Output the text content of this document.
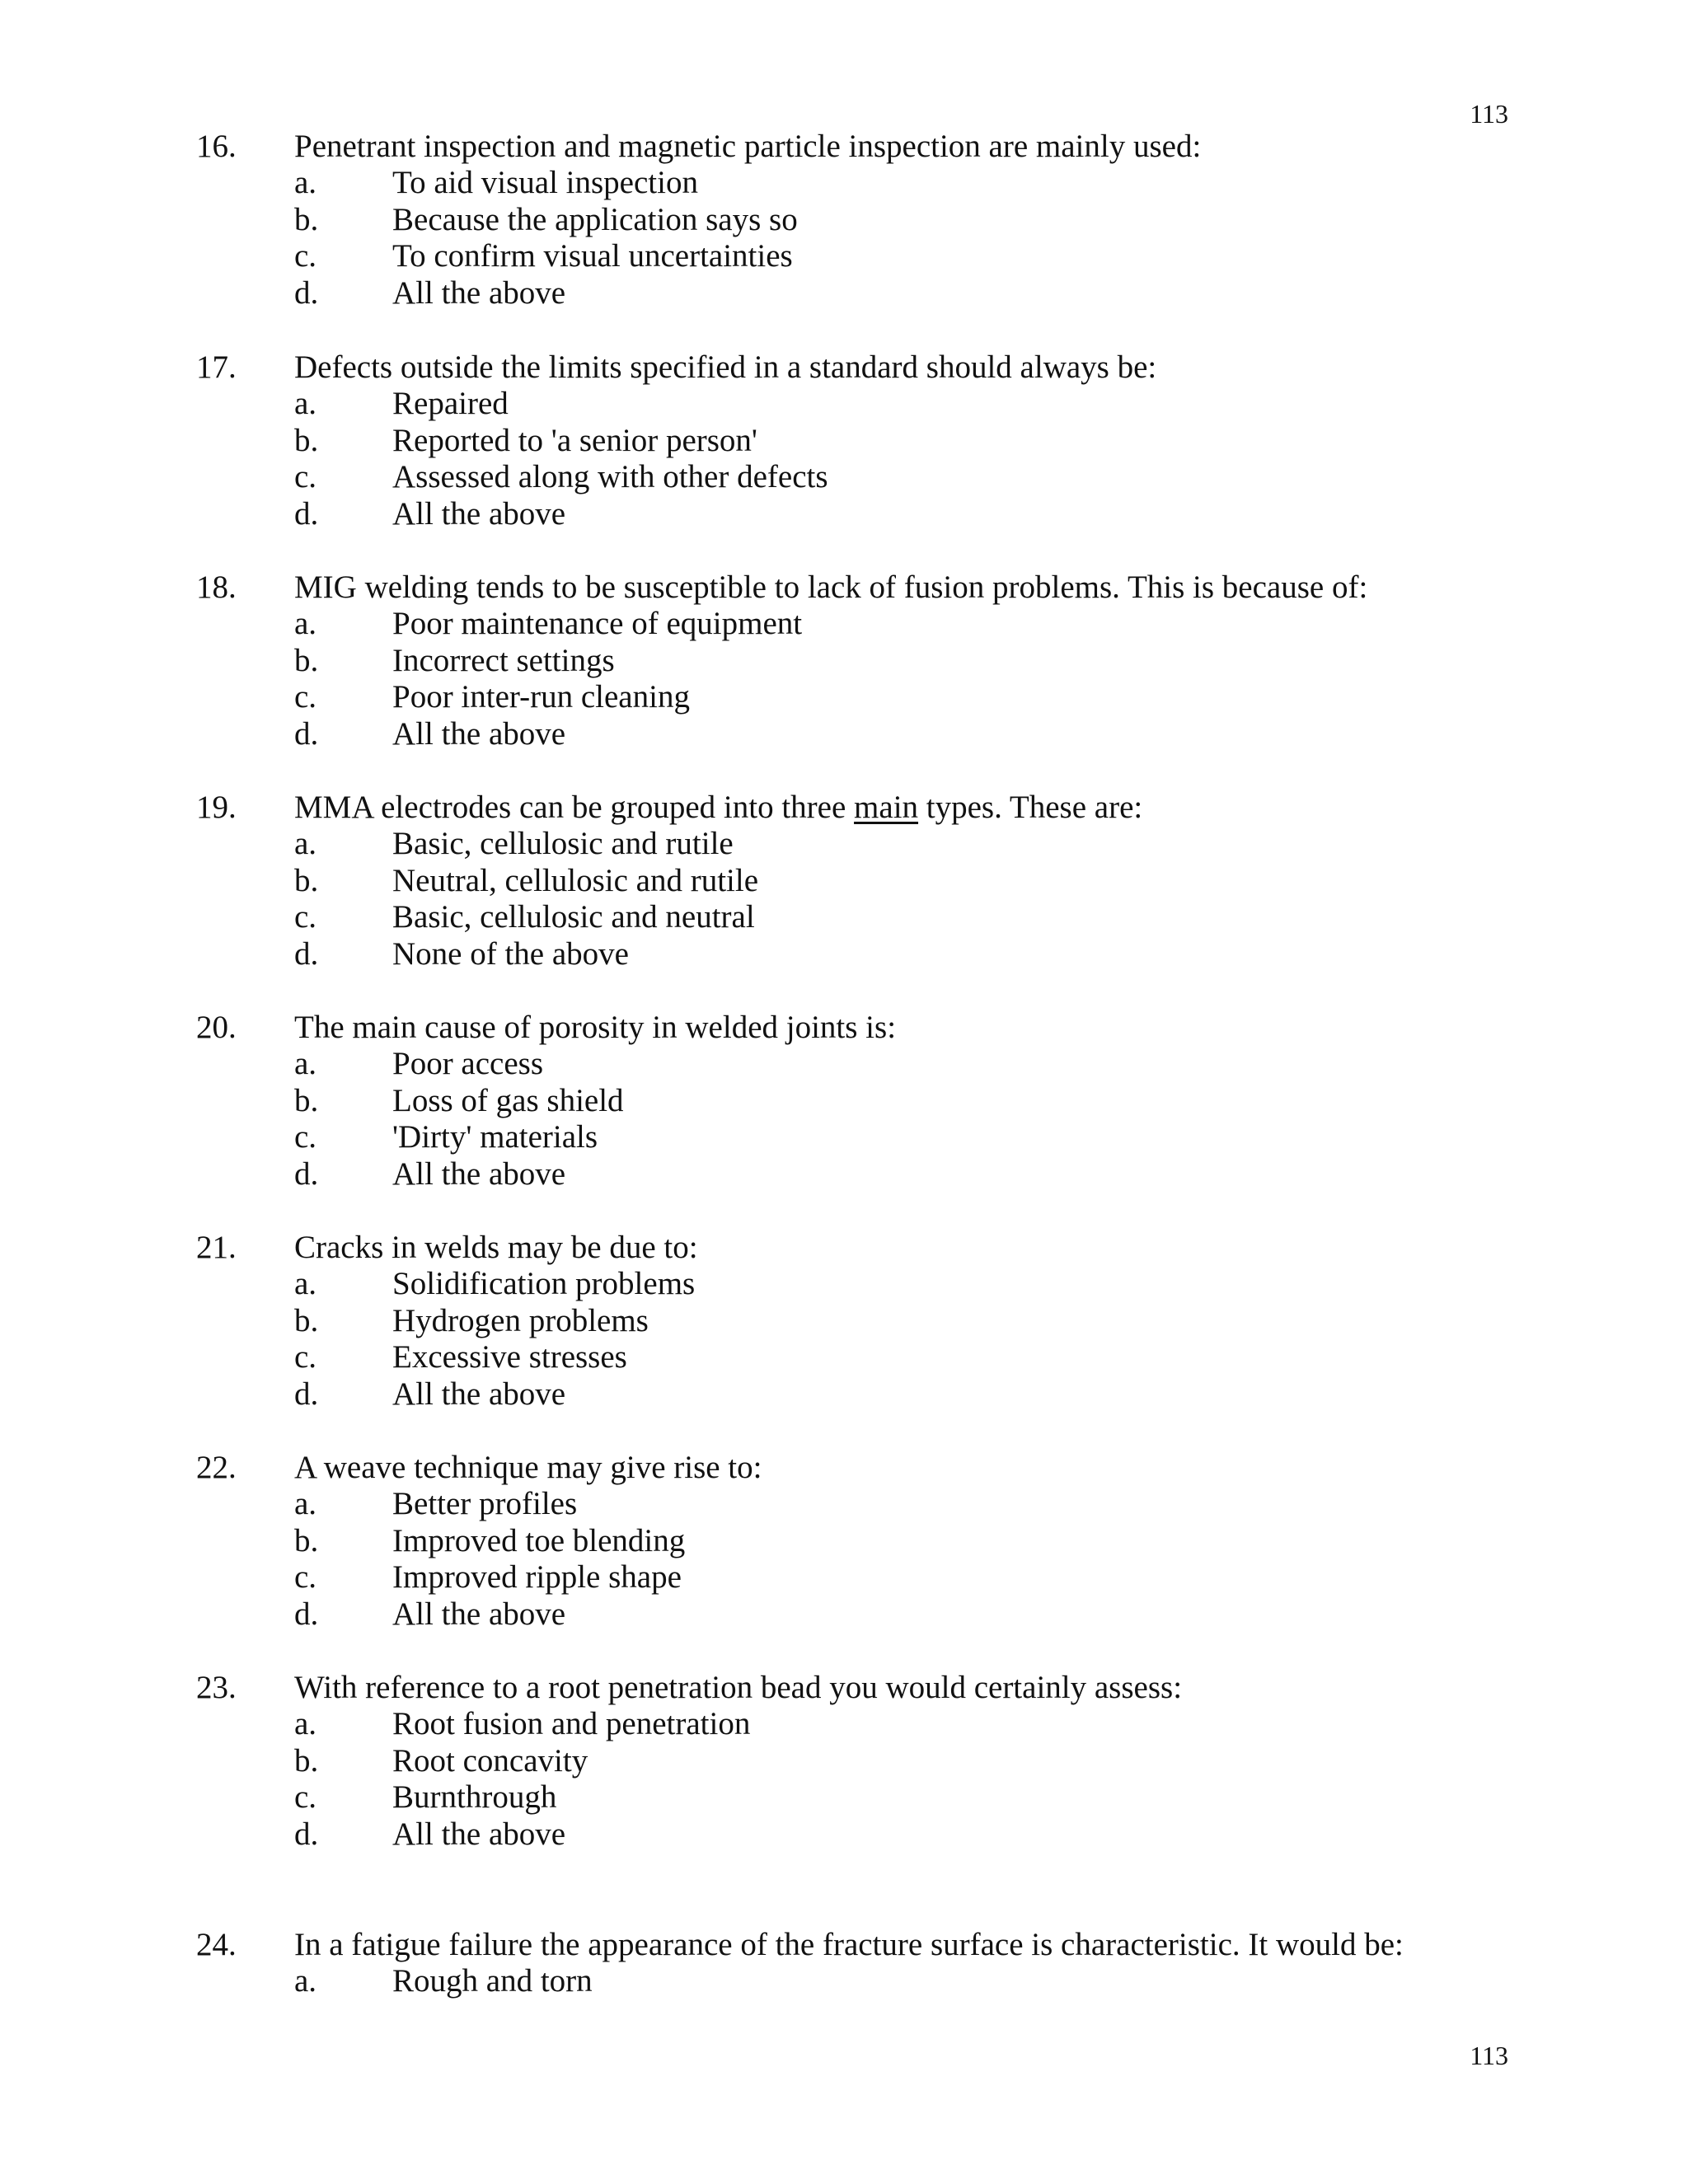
113
16. Penetrant inspection and magnetic particle inspection are mainly used:
a. To aid visual inspection
b. Because the application says so
c. To confirm visual uncertainties
d. All the above
17. Defects outside the limits specified in a standard should always be:
a. Repaired
b. Reported to 'a senior person'
c. Assessed along with other defects
d. All the above
18. MIG welding tends to be susceptible to lack of fusion problems. This is because of:
a. Poor maintenance of equipment
b. Incorrect settings
c. Poor inter-run cleaning
d. All the above
19. MMA electrodes can be grouped into three main types. These are:
a. Basic, cellulosic and rutile
b. Neutral, cellulosic and rutile
c. Basic, cellulosic and neutral
d. None of the above
20. The main cause of porosity in welded joints is:
a. Poor access
b. Loss of gas shield
c. 'Dirty' materials
d. All the above
21. Cracks in welds may be due to:
a. Solidification problems
b. Hydrogen problems
c. Excessive stresses
d. All the above
22. A weave technique may give rise to:
a. Better profiles
b. Improved toe blending
c. Improved ripple shape
d. All the above
23. With reference to a root penetration bead you would certainly assess:
a. Root fusion and penetration
b. Root concavity
c. Burnthrough
d. All the above
24. In a fatigue failure the appearance of the fracture surface is characteristic. It would be:
a. Rough and torn
113
